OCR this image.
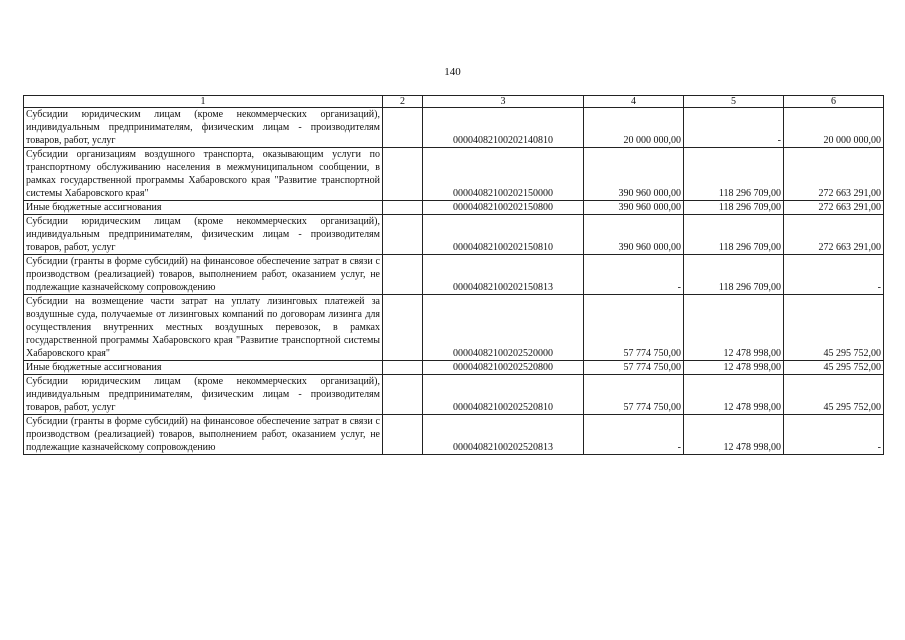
140
1	2	3	4	5	6
Субсидии юридическим лицам (кроме некоммерческих организаций), индивидуальным предпринимателям, физическим лицам - производителям товаров, работ, услуг		00004082100202140810	20 000 000,00	-	20 000 000,00
Субсидии организациям воздушного транспорта, оказывающим услуги по транспортному обслуживанию населения в межмуниципальном сообщении, в рамках государственной программы Хабаровского края "Развитие транспортной системы Хабаровского края"		00004082100202150000	390 960 000,00	118 296 709,00	272 663 291,00
Иные бюджетные ассигнования		00004082100202150800	390 960 000,00	118 296 709,00	272 663 291,00
Субсидии юридическим лицам (кроме некоммерческих организаций), индивидуальным предпринимателям, физическим лицам - производителям товаров, работ, услуг		00004082100202150810	390 960 000,00	118 296 709,00	272 663 291,00
Субсидии (гранты в форме субсидий) на финансовое обеспечение затрат в связи с производством (реализацией) товаров, выполнением работ, оказанием услуг, не подлежащие казначейскому сопровождению		00004082100202150813	-	118 296 709,00	-
Субсидии на возмещение части затрат на уплату лизинговых платежей за воздушные суда, получаемые от лизинговых компаний по договорам лизинга для осуществления внутренних местных воздушных перевозок, в рамках государственной программы Хабаровского края "Развитие транспортной системы Хабаровского края"		00004082100202520000	57 774 750,00	12 478 998,00	45 295 752,00
Иные бюджетные ассигнования		00004082100202520800	57 774 750,00	12 478 998,00	45 295 752,00
Субсидии юридическим лицам (кроме некоммерческих организаций), индивидуальным предпринимателям, физическим лицам - производителям товаров, работ, услуг		00004082100202520810	57 774 750,00	12 478 998,00	45 295 752,00
Субсидии (гранты в форме субсидий) на финансовое обеспечение затрат в связи с производством (реализацией) товаров, выполнением работ, оказанием услуг, не подлежащие казначейскому сопровождению		00004082100202520813	-	12 478 998,00	-
